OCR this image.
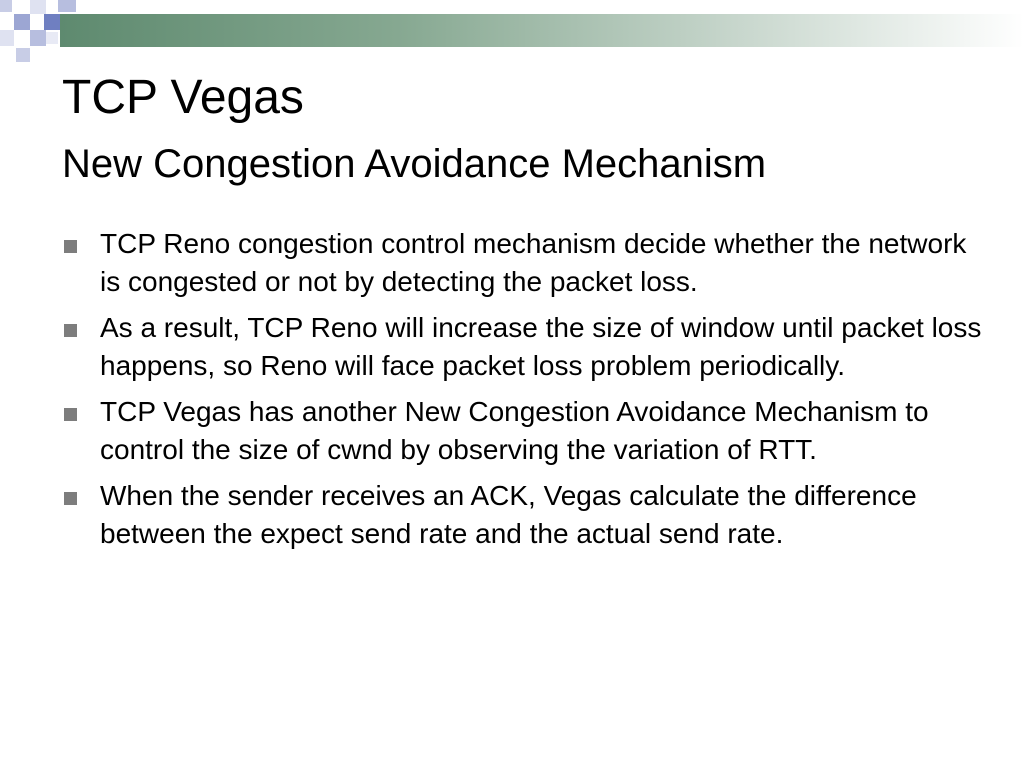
TCP Vegas
New Congestion Avoidance Mechanism
TCP Reno congestion control mechanism decide whether the network is congested or not by detecting the packet loss.
As a result, TCP Reno will increase the size of window until packet loss happens, so Reno will face packet loss problem periodically.
TCP Vegas has another New Congestion Avoidance Mechanism to control the size of cwnd by observing the variation of RTT.
When the sender receives an ACK, Vegas calculate the difference between the expect send rate and the actual send rate.
